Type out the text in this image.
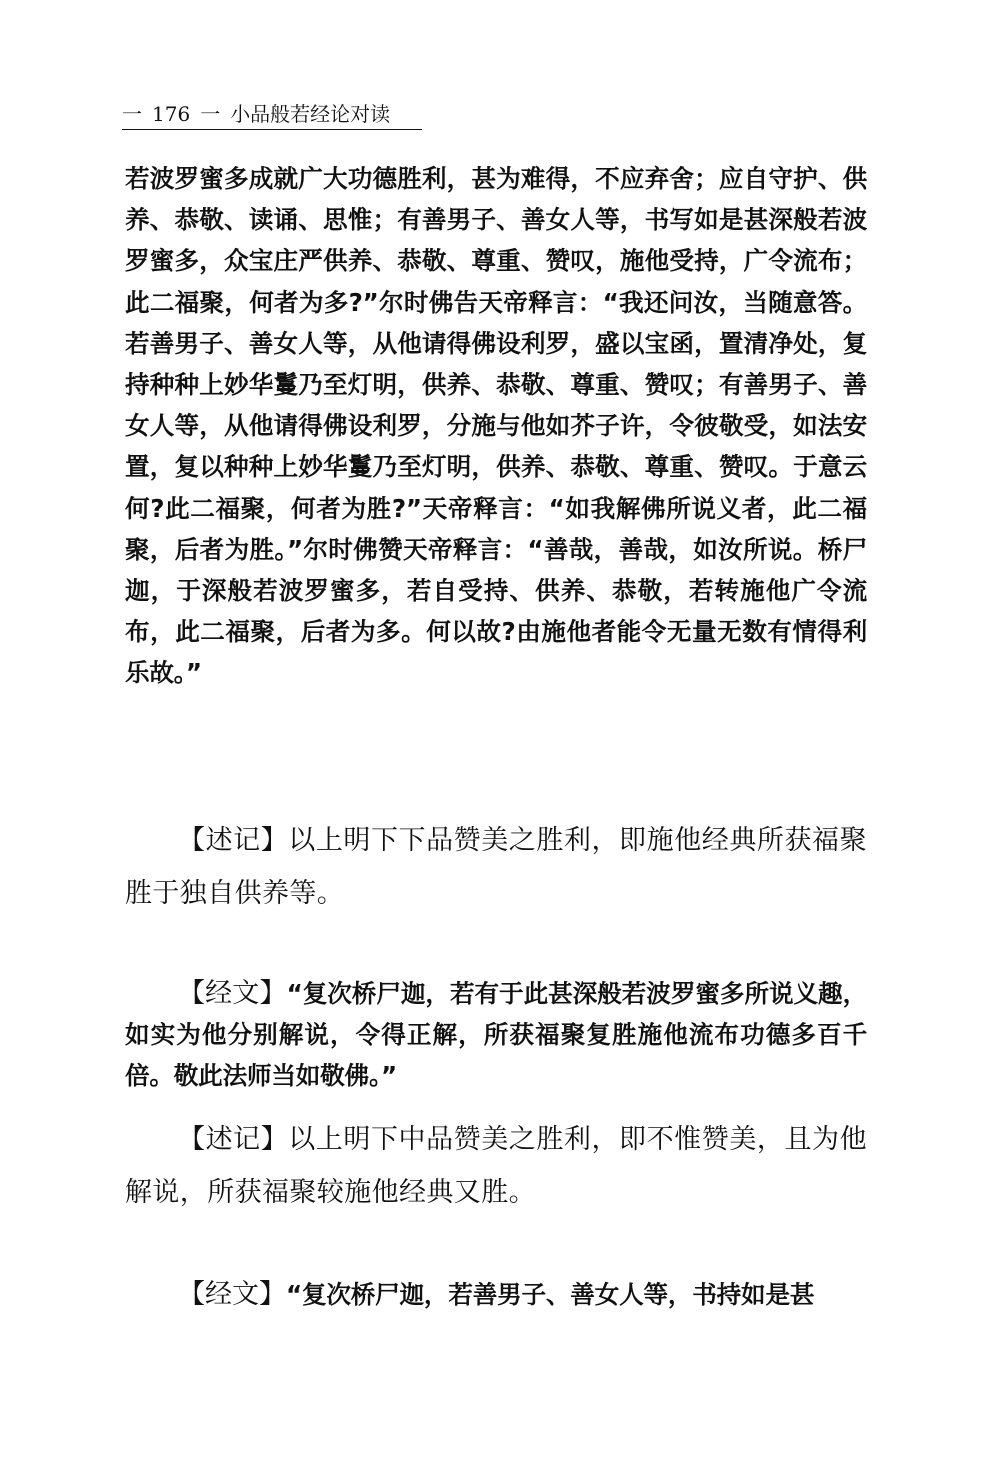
一 176 一 小品般若经论对读

若波罗蜜多成就广大功德胜利，甚为难得，不应弃舍；应自守护、供养、恭敬、读诵、思惟；有善男子、善女人等，书写如是甚深般若波罗蜜多，众宝庄严供养、恭敬、尊重、赞叹，施他受持，广令流布；此二福聚，何者为多?”尔时佛告天帝释言：“我还问汝，当随意答。若善男子、善女人等，从他请得佛设利罗，盛以宝函，置清净处，复持种种上妙华鬘乃至灯明，供养、恭敬、尊重、赞叹；有善男子、善女人等，从他请得佛设利罗，分施与他如芥子许，令彼敬受，如法安置，复以种种上妙华鬘乃至灯明，供养、恭敬、尊重、赞叹。于意云何?此二福聚，何者为胜?”天帝释言：“如我解佛所说义者，此二福聚，后者为胜。”尔时佛赞天帝释言：“善哉，善哉，如汝所说。桥尸迦，于深般若波罗蜜多，若自受持、供养、恭敬，若转施他广令流布，此二福聚，后者为多。何以故?由施他者能令无量无数有情得利乐故。”

【述记】以上明下下品赞美之胜利，即施他经典所获福聚胜于独自供养等。

【经文】“复次桥尸迦，若有于此甚深般若波罗蜜多所说义趣，如实为他分别解说，令得正解，所获福聚复胜施他流布功德多百千倍。敬此法师当如敬佛。”

【述记】以上明下中品赞美之胜利，即不惟赞美，且为他解说，所获福聚较施他经典又胜。

【经文】“复次桥尸迦，若善男子、善女人等，书持如是甚
